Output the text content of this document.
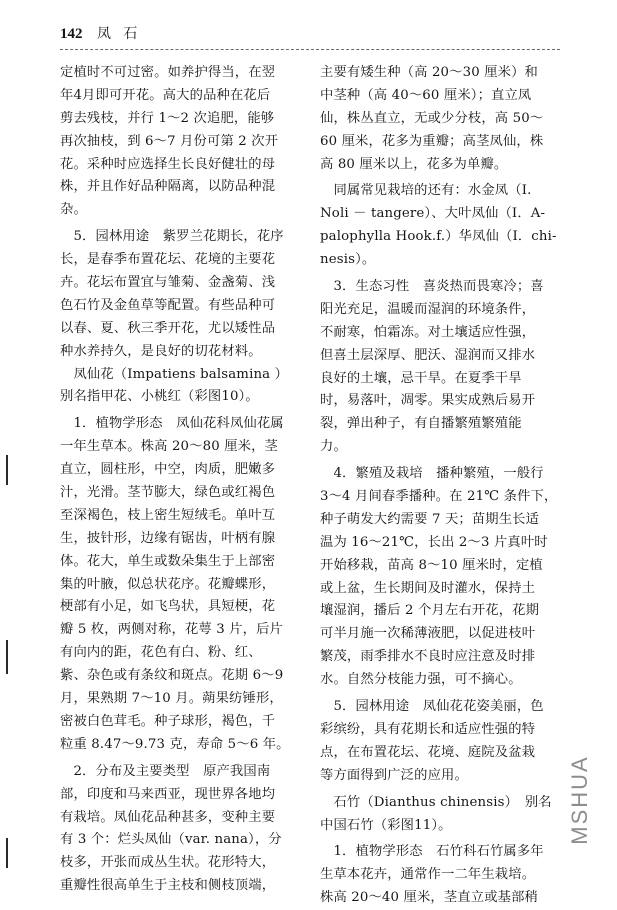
142 凤 石
定植时不可过密。如养护得当，在翌
年4月即可开花。高大的品种在花后
剪去残枝，并行 1～2 次追肥，能够
再次抽枝，到 6～7 月份可第 2 次开
花。采种时应选择生长良好健壮的母
株，并且作好品种隔离，以防品种混
杂。
　5．园林用途　紫罗兰花期长，花序
长，是春季布置花坛、花境的主要花
卉。花坛布置宜与雏菊、金盏菊、浅
色石竹及金鱼草等配置。有些品种可
以春、夏、秋三季开花，尤以矮性品
种水养持久，是良好的切花材料。
　凤仙花（Impatiens balsamina ）
别名指甲花、小桃红（彩图10）。
　1．植物学形态　凤仙花科凤仙花属
一年生草本。株高 20～80 厘米，茎
直立，圆柱形，中空，肉质，肥嫩多
汁，光滑。茎节膨大，绿色或红褐色
至深褐色，枝上密生短绒毛。单叶互
生，披针形，边缘有锯齿，叶柄有腺
体。花大，单生或数朵集生于上部密
集的叶腋，似总状花序。花瓣蝶形，
梗部有小足，如飞鸟状，具短梗，花
瓣 5 枚，两侧对称，花萼 3 片，后片
有向内的距，花色有白、粉、红、
紫、杂色或有条纹和斑点。花期 6～9
月，果熟期 7～10 月。蒴果纺锤形，
密被白色茸毛。种子球形，褐色，千
粒重 8.47～9.73 克，寿命 5～6 年。
　2．分布及主要类型　原产我国南
部，印度和马来西亚，现世界各地均
有栽培。凤仙花品种甚多，变种主要
有 3 个：烂头凤仙（var. nana），分
枝多，开张而成丛生状。花形特大，
重瓣性很高单生于主枝和侧枝顶端，
主要有矮生种（高 20～30 厘米）和
中茎种（高 40～60 厘米）；直立凤
仙，株丛直立，无或少分枝，高 50～
60 厘米，花多为重瓣；高茎凤仙，株
高 80 厘米以上，花多为单瓣。
　同属常见栽培的还有：水金凤（I.
Noli － tangere）、大叶凤仙（I．A-
palophylla Hook.f.）华凤仙（I．chi-
nesis）。
　3．生态习性　喜炎热而畏寒冷；喜
阳光充足，温暖而湿润的环境条件，
不耐寒，怕霜冻。对土壤适应性强，
但喜土层深厚、肥沃、湿润而又排水
良好的土壤，忌干旱。在夏季干旱
时，易落叶，凋零。果实成熟后易开
裂，弹出种子，有自播繁殖繁殖能
力。
　4．繁殖及栽培　播种繁殖，一般行
3～4 月间春季播种。在 21℃ 条件下，
种子萌发大约需要 7 天；苗期生长适
温为 16～21℃，长出 2～3 片真叶时
开始移栽，苗高 8～10 厘米时，定植
或上盆，生长期间及时灌水，保持土
壤湿润，播后 2 个月左右开花，花期
可半月施一次稀薄液肥，以促进枝叶
繁茂，雨季排水不良时应注意及时排
水。自然分枝能力强，可不摘心。
　5．园林用途　凤仙花花姿美丽，色
彩缤纷，具有花期长和适应性强的特
点，在布置花坛、花境、庭院及盆栽
等方面得到广泛的应用。
　石竹（Dianthus chinensis）　别名
中国石竹（彩图11）。
　1．植物学形态　石竹科石竹属多年
生草本花卉，通常作一二年生栽培。
株高 20～40 厘米，茎直立或基部稍
MSHUA
